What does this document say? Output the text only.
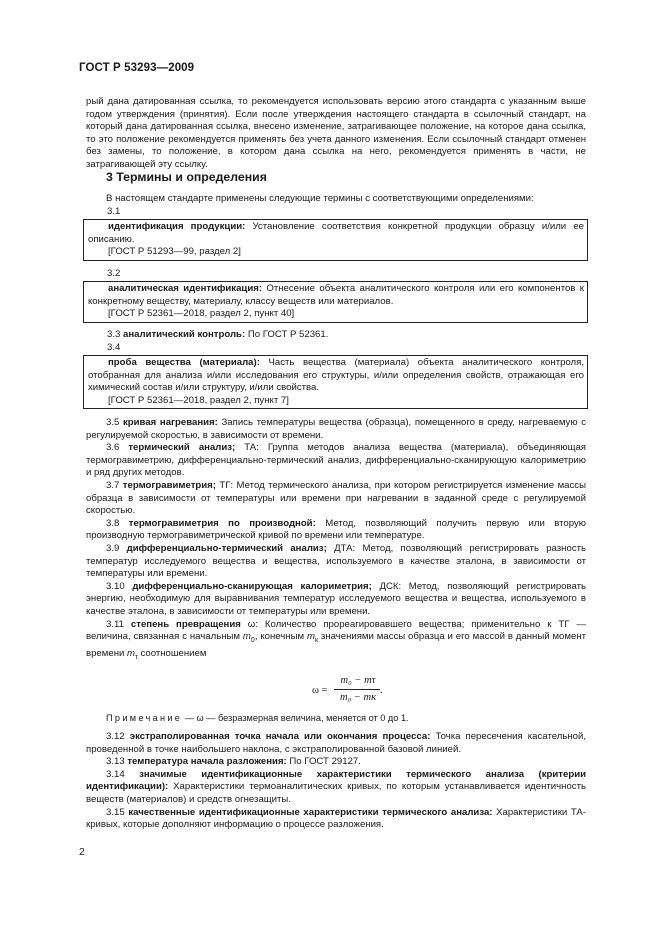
ГОСТ Р 53293—2009

рый дана датированная ссылка, то рекомендуется использовать версию этого стандарта с указанным выше годом утверждения (принятия). Если после утверждения настоящего стандарта в ссылочный стандарт, на который дана датированная ссылка, внесено изменение, затрагивающее положение, на которое дана ссылка, то это положение рекомендуется применять без учета данного изменения. Если ссылочный стандарт отменен без замены, то положение, в котором дана ссылка на него, рекомендуется применять в части, не затрагивающей эту ссылку.

3 Термины и определения
В настоящем стандарте применены следующие термины с соответствующими определениями:
3.1
идентификация продукции: Установление соответствия конкретной продукции образцу и/или ее описанию.
[ГОСТ Р 51293—99, раздел 2]
3.2
аналитическая идентификация: Отнесение объекта аналитического контроля или его компонентов к конкретному веществу, материалу, классу веществ или материалов.
[ГОСТ Р 52361—2018, раздел 2, пункт 40]
3.3 аналитический контроль: По ГОСТ Р 52361.
3.4
проба вещества (материала): Часть вещества (материала) объекта аналитического контроля, отобранная для анализа и/или исследования его структуры, и/или определения свойств, отражающая его химический состав и/или структуру, и/или свойства.
[ГОСТ Р 52361—2018, раздел 2, пункт 7]

3.5 кривая нагревания: Запись температуры вещества (образца), помещенного в среду, нагреваемую с регулируемой скоростью, в зависимости от времени.

3.6 термический анализ; ТА: Группа методов анализа вещества (материала), объединяющая термогравиметрию, дифференциально-термический анализ, дифференциально-сканирующую калориметрию и ряд других методов.

3.7 термогравиметрия; ТГ: Метод термического анализа, при котором регистрируется изменение массы образца в зависимости от температуры или времени при нагревании в заданной среде с регулируемой скоростью.

3.8 термогравиметрия по производной: Метод, позволяющий получить первую или вторую производную термогравиметрической кривой по времени или температуре.

3.9 дифференциально-термический анализ; ДТА: Метод, позволяющий регистрировать разность температур исследуемого вещества и вещества, используемого в качестве эталона, в зависимости от температуры или времени.

3.10 дифференциально-сканирующая калориметрия; ДСК: Метод, позволяющий регистрировать энергию, необходимую для выравнивания температур исследуемого вещества и вещества, используемого в качестве эталона, в зависимости от температуры или времени.

3.11 степень превращения ω: Количество прореагировавшего вещества; применительно к ТГ — величина, связанная с начальным $m_0$, конечным $m_к$ значениями массы образца и его массой в данный момент времени $m_\tau$ соотношением

ω =
m₀ − mτ
m₀ − mк
.
Примечание — ω — безразмерная величина, меняется от 0 до 1.

3.12 экстраполированная точка начала или окончания процесса: Точка пересечения касательной, проведенной в точке наибольшего наклона, с экстраполированной базовой линией.

3.13 температура начала разложения: По ГОСТ 29127.

3.14 значимые идентификационные характеристики термического анализа (критерии идентификации): Характеристики термоаналитических кривых, по которым устанавливается идентичность веществ (материалов) и средств огнезащиты.

3.15 качественные идентификационные характеристики термического анализа: Характеристики ТА-кривых, которые дополняют информацию о процессе разложения.

2
